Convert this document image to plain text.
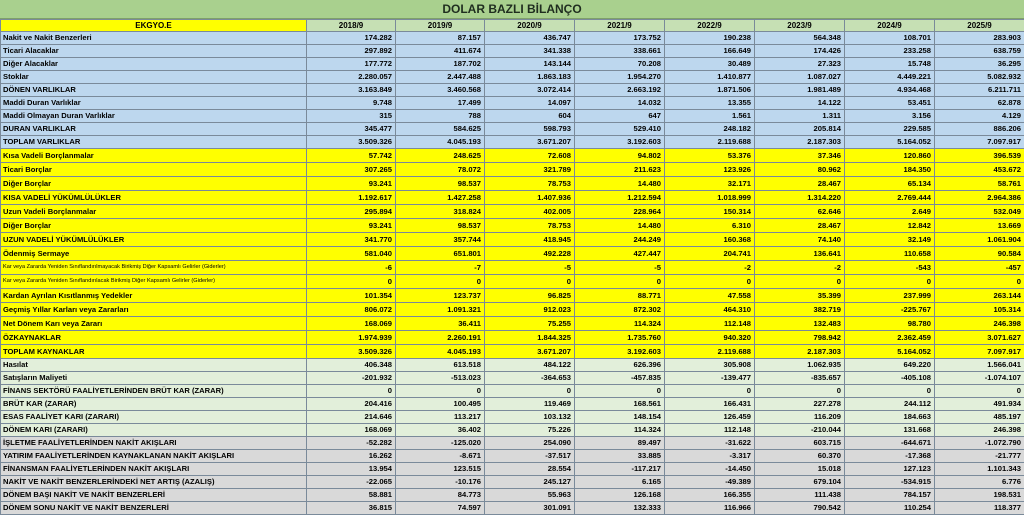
DOLAR BAZLI BİLANÇO
EKGYO.E	2018/9	2019/9	2020/9	2021/9	2022/9	2023/9	2024/9	2025/9
Nakit ve Nakit Benzerleri	174.282	87.157	436.747	173.752	190.238	564.348	108.701	283.903
Ticari Alacaklar	297.892	411.674	341.338	338.661	166.649	174.426	233.258	638.759
Diğer Alacaklar	177.772	187.702	143.144	70.208	30.489	27.323	15.748	36.295
Stoklar	2.280.057	2.447.488	1.863.183	1.954.270	1.410.877	1.087.027	4.449.221	5.082.932
DÖNEN VARLIKLAR	3.163.849	3.460.568	3.072.414	2.663.192	1.871.506	1.981.489	4.934.468	6.211.711
Maddi Duran Varlıklar	9.748	17.499	14.097	14.032	13.355	14.122	53.451	62.878
Maddi Olmayan Duran Varlıklar	315	788	604	647	1.561	1.311	3.156	4.129
DURAN VARLIKLAR	345.477	584.625	598.793	529.410	248.182	205.814	229.585	886.206
TOPLAM VARLIKLAR	3.509.326	4.045.193	3.671.207	3.192.603	2.119.688	2.187.303	5.164.052	7.097.917
Kısa Vadeli Borçlanmalar	57.742	248.625	72.608	94.802	53.376	37.346	120.860	396.539
Ticari Borçlar	307.265	78.072	321.789	211.623	123.926	80.962	184.350	453.672
Diğer Borçlar	93.241	98.537	78.753	14.480	32.171	28.467	65.134	58.761
KISA VADELİ YÜKÜMLÜLÜKLER	1.192.617	1.427.258	1.407.936	1.212.594	1.018.999	1.314.220	2.769.444	2.964.386
Uzun Vadeli Borçlanmalar	295.894	318.824	402.005	228.964	150.314	62.646	2.649	532.049
Diğer Borçlar	93.241	98.537	78.753	14.480	6.310	28.467	12.842	13.669
UZUN VADELİ YÜKÜMLÜLÜKLER	341.770	357.744	418.945	244.249	160.368	74.140	32.149	1.061.904
Ödenmiş Sermaye	581.040	651.801	492.228	427.447	204.741	136.641	110.658	90.584
Kar veya Zararda Yeniden Sınıflandırılmayacak Birikmiş Diğer Kapsamlı Gelirler (Giderler)	-6	-7	-5	-5	-2	-2	-543	-457
Kar veya Zararda Yeniden Sınıflandırılacak Birikmiş Diğer Kapsamlı Gelirler (Giderler)	0	0	0	0	0	0	0	0
Kardan Ayrılan Kısıtlanmış Yedekler	101.354	123.737	96.825	88.771	47.558	35.399	237.999	263.144
Geçmiş Yıllar Karları veya Zararları	806.072	1.091.321	912.023	872.302	464.310	382.719	-225.767	105.314
Net Dönem Karı veya Zararı	168.069	36.411	75.255	114.324	112.148	132.483	98.780	246.398
ÖZKAYNAKLAR	1.974.939	2.260.191	1.844.325	1.735.760	940.320	798.942	2.362.459	3.071.627
TOPLAM KAYNAKLAR	3.509.326	4.045.193	3.671.207	3.192.603	2.119.688	2.187.303	5.164.052	7.097.917
Hasılat	406.348	613.518	484.122	626.396	305.908	1.062.935	649.220	1.566.041
Satışların Maliyeti	-201.932	-513.023	-364.653	-457.835	-139.477	-835.657	-405.108	-1.074.107
FİNANS SEKTÖRÜ FAALİYETLERİNDEN BRÜT KAR (ZARAR)	0	0	0	0	0	0	0	0
BRÜT KAR (ZARAR)	204.416	100.495	119.469	168.561	166.431	227.278	244.112	491.934
ESAS FAALİYET KARI (ZARARI)	214.646	113.217	103.132	148.154	126.459	116.209	184.663	485.197
DÖNEM KARI (ZARARI)	168.069	36.402	75.226	114.324	112.148	-210.044	131.668	246.398
İŞLETME FAALİYETLERİNDEN NAKİT AKIŞLARI	-52.282	-125.020	254.090	89.497	-31.622	603.715	-644.671	-1.072.790
YATIRIM FAALİYETLERİNDEN KAYNAKLANAN NAKİT AKIŞLARI	16.262	-8.671	-37.517	33.885	-3.317	60.370	-17.368	-21.777
FİNANSMAN FAALİYETLERİNDEN NAKİT AKIŞLARI	13.954	123.515	28.554	-117.217	-14.450	15.018	127.123	1.101.343
NAKİT VE NAKİT BENZERLERİNDEKİ NET ARTIŞ (AZALIŞ)	-22.065	-10.176	245.127	6.165	-49.389	679.104	-534.915	6.776
DÖNEM BAŞI NAKİT VE NAKİT BENZERLERİ	58.881	84.773	55.963	126.168	166.355	111.438	784.157	198.531
DÖNEM SONU NAKİT VE NAKİT BENZERLERİ	36.815	74.597	301.091	132.333	116.966	790.542	110.254	118.377
